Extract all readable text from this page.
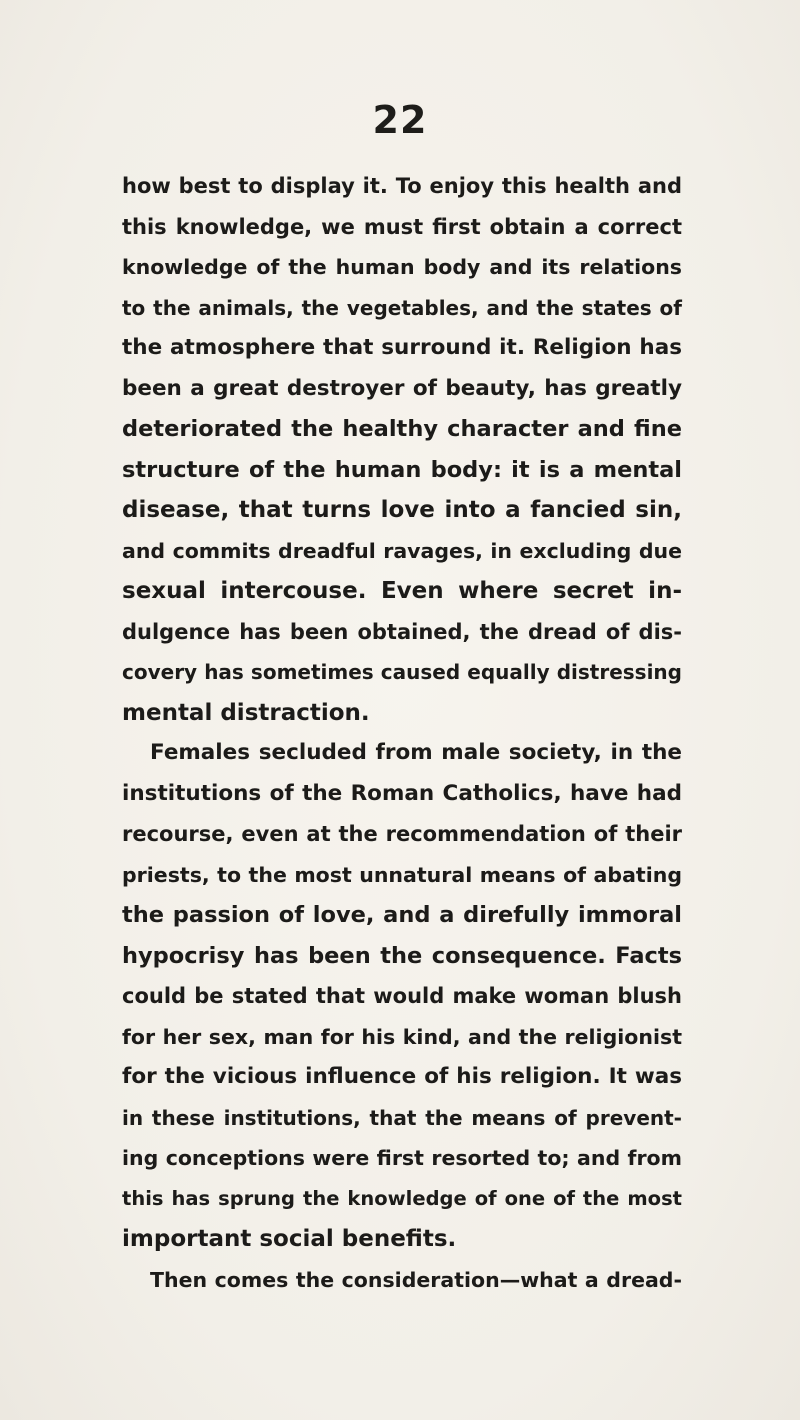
22
how best to display it. To enjoy this health and
this knowledge, we must first obtain a correct
knowledge of the human body and its relations
to the animals, the vegetables, and the states of
the atmosphere that surround it. Religion has
been a great destroyer of beauty, has greatly
deteriorated the healthy character and fine
structure of the human body: it is a mental
disease, that turns love into a fancied sin,
and commits dreadful ravages, in excluding due
sexual intercouse. Even where secret in-
dulgence has been obtained, the dread of dis-
covery has sometimes caused equally distressing
mental distraction.
Females secluded from male society, in the
institutions of the Roman Catholics, have had
recourse, even at the recommendation of their
priests, to the most unnatural means of abating
the passion of love, and a direfully immoral
hypocrisy has been the consequence. Facts
could be stated that would make woman blush
for her sex, man for his kind, and the religionist
for the vicious influence of his religion. It was
in these institutions, that the means of prevent-
ing conceptions were first resorted to; and from
this has sprung the knowledge of one of the most
important social benefits.
Then comes the consideration—what a dread-
